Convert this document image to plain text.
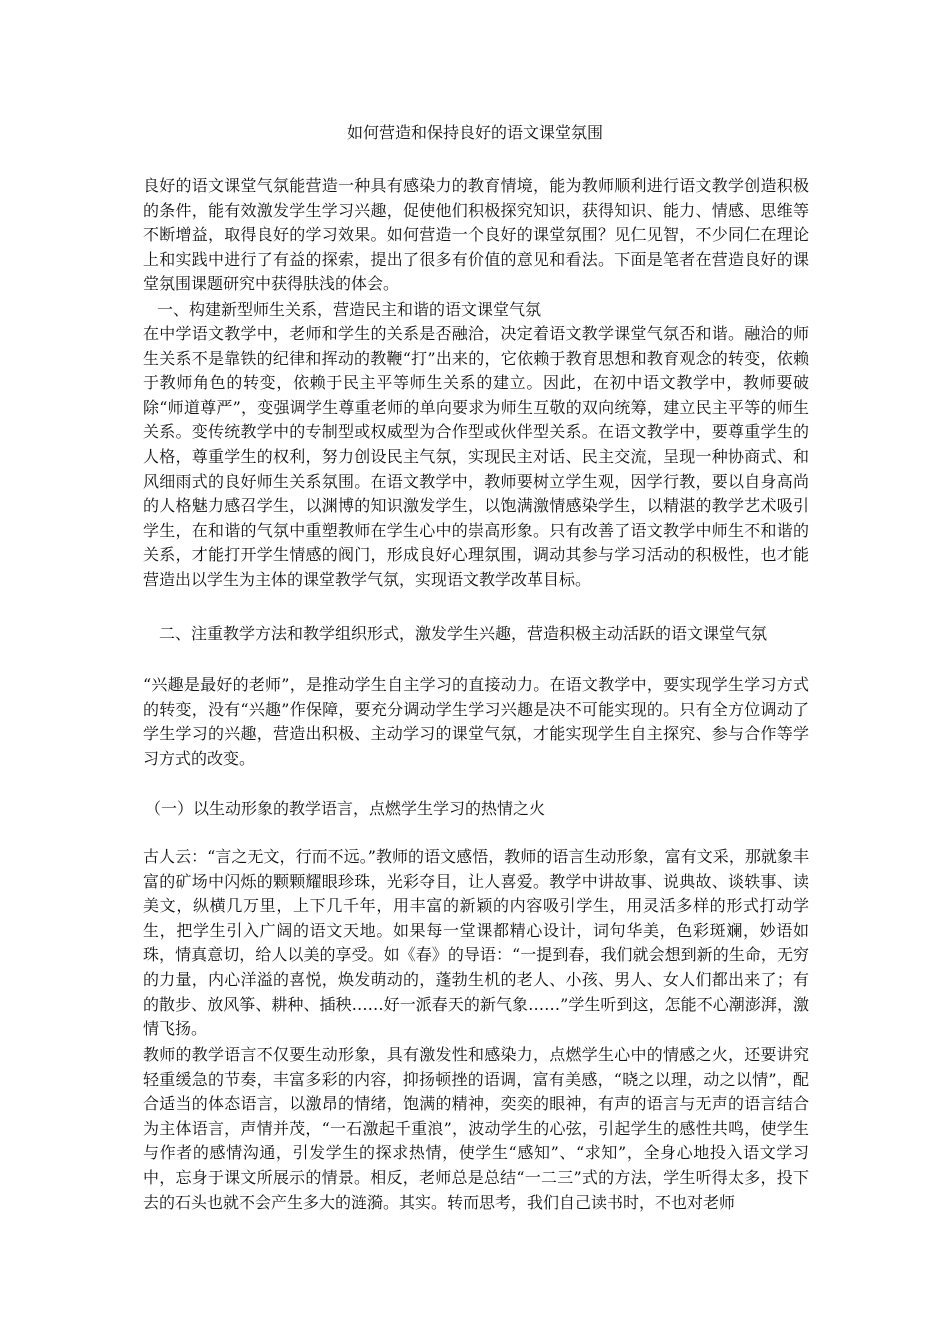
如何营造和保持良好的语文课堂氛围
良好的语文课堂气氛能营造一种具有感染力的教育情境，能为教师顺利进行语文教学创造积极的条件，能有效激发学生学习兴趣，促使他们积极探究知识，获得知识、能力、情感、思维等不断增益，取得良好的学习效果。如何营造一个良好的课堂氛围？见仁见智，不少同仁在理论上和实践中进行了有益的探索，提出了很多有价值的意见和看法。下面是笔者在营造良好的课堂氛围课题研究中获得肤浅的体会。
一、构建新型师生关系，营造民主和谐的语文课堂气氛
在中学语文教学中，老师和学生的关系是否融洽，决定着语文教学课堂气氛否和谐。融洽的师生关系不是靠铁的纪律和挥动的教鞭“打”出来的，它依赖于教育思想和教育观念的转变，依赖于教师角色的转变，依赖于民主平等师生关系的建立。因此，在初中语文教学中，教师要破除“师道尊严”，变强调学生尊重老师的单向要求为师生互敬的双向统筹，建立民主平等的师生关系。变传统教学中的专制型或权威型为合作型或伙伴型关系。在语文教学中，要尊重学生的人格，尊重学生的权利，努力创设民主气氛，实现民主对话、民主交流，呈现一种协商式、和风细雨式的良好师生关系氛围。在语文教学中，教师要树立学生观，因学行教，要以自身高尚的人格魅力感召学生，以渊博的知识激发学生，以饱满激情感染学生，以精湛的教学艺术吸引学生，在和谐的气氛中重塑教师在学生心中的崇高形象。只有改善了语文教学中师生不和谐的关系，才能打开学生情感的阀门，形成良好心理氛围，调动其参与学习活动的积极性，也才能营造出以学生为主体的课堂教学气氛，实现语文教学改革目标。
二、注重教学方法和教学组织形式，激发学生兴趣，营造积极主动活跃的语文课堂气氛
“兴趣是最好的老师”，是推动学生自主学习的直接动力。在语文教学中，要实现学生学习方式的转变，没有“兴趣”作保障，要充分调动学生学习兴趣是决不可能实现的。只有全方位调动了学生学习的兴趣，营造出积极、主动学习的课堂气氛，才能实现学生自主探究、参与合作等学习方式的改变。
（一）以生动形象的教学语言，点燃学生学习的热情之火
古人云：“言之无文，行而不远。”教师的语文感悟，教师的语言生动形象，富有文采，那就象丰富的矿场中闪烁的颗颗耀眼珍珠，光彩夺目，让人喜爱。教学中讲故事、说典故、谈轶事、读美文，纵横几万里，上下几千年，用丰富的新颖的内容吸引学生，用灵活多样的形式打动学生，把学生引入广阔的语文天地。如果每一堂课都精心设计，词句华美，色彩斑斓，妙语如珠，情真意切，给人以美的享受。如《春》的导语：“一提到春，我们就会想到新的生命，无穷的力量，内心洋溢的喜悦，焕发萌动的，蓬勃生机的老人、小孩、男人、女人们都出来了；有的散步、放风筝、耕种、插秧……好一派春天的新气象……”学生听到这，怎能不心潮澎湃，激情飞扬。
教师的教学语言不仅要生动形象，具有激发性和感染力，点燃学生心中的情感之火，还要讲究轻重缓急的节奏，丰富多彩的内容，抑扬顿挫的语调，富有美感，“晓之以理，动之以情”，配合适当的体态语言，以激昂的情绪，饱满的精神，奕奕的眼神，有声的语言与无声的语言结合为主体语言，声情并茂，“一石激起千重浪”，波动学生的心弦，引起学生的感性共鸣，使学生与作者的感情沟通，引发学生的探求热情，使学生“感知”、“求知”，全身心地投入语文学习中，忘身于课文所展示的情景。相反，老师总是总结“一二三”式的方法，学生听得太多，投下去的石头也就不会产生多大的涟漪。其实。转而思考，我们自己读书时，不也对老师
